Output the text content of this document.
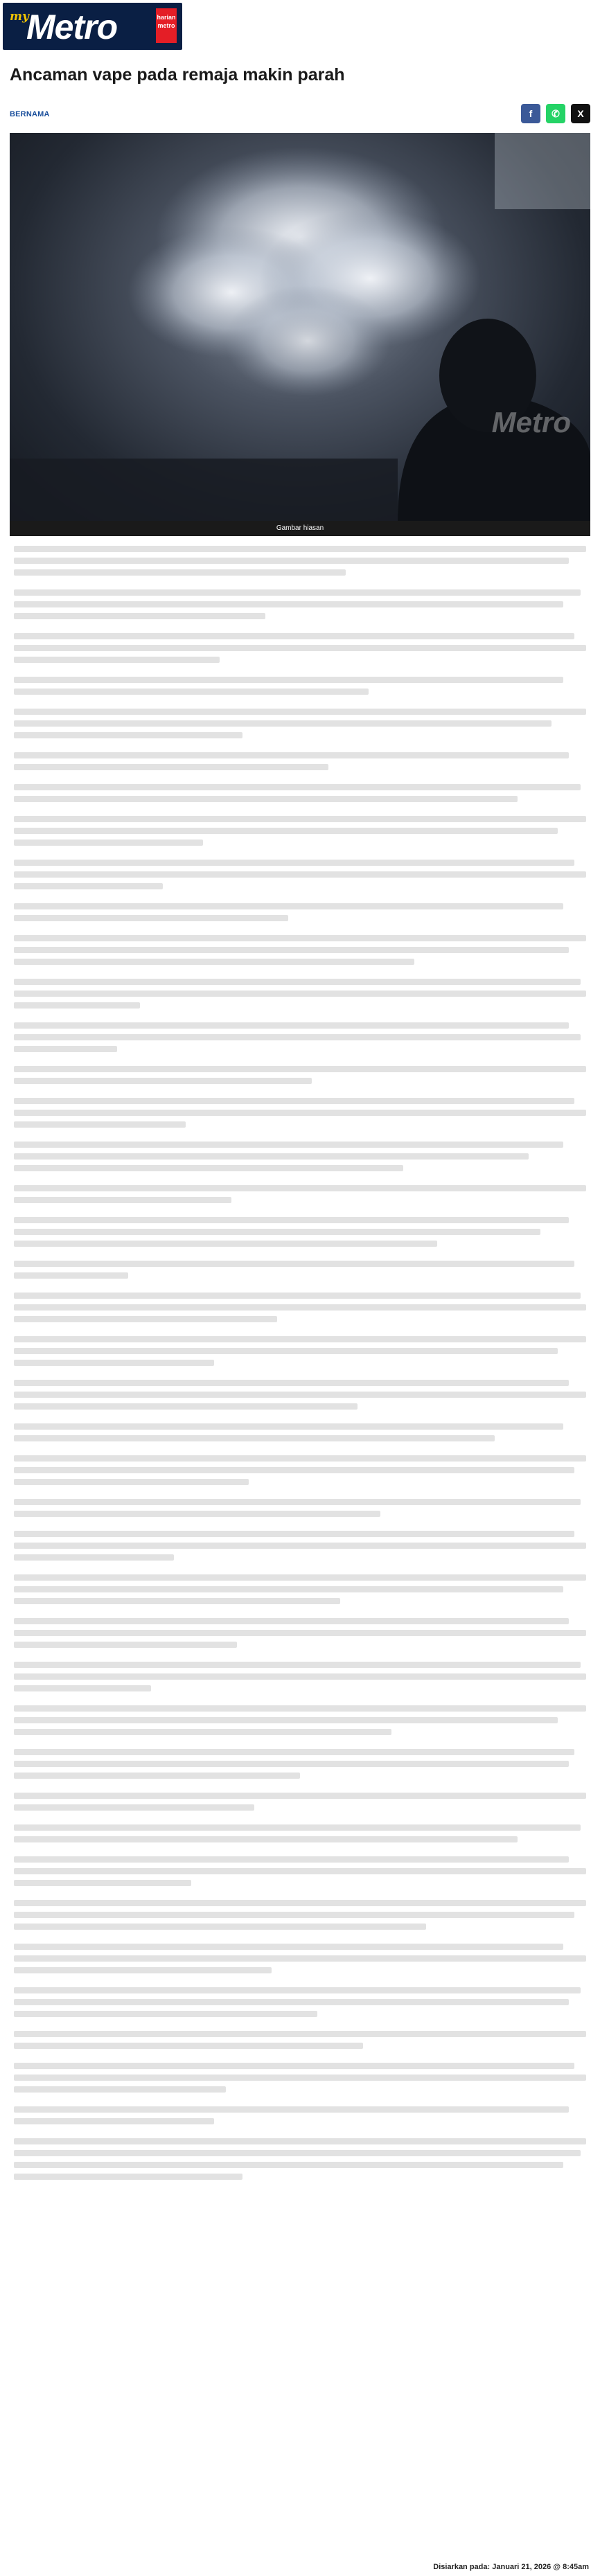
my
Metro	harian metro
Ancaman vape pada remaja makin parah
BERNAMA	f ✆ X
Metro
Gambar hiasan
Disiarkan pada: Januari 21, 2026 @ 8:45am
